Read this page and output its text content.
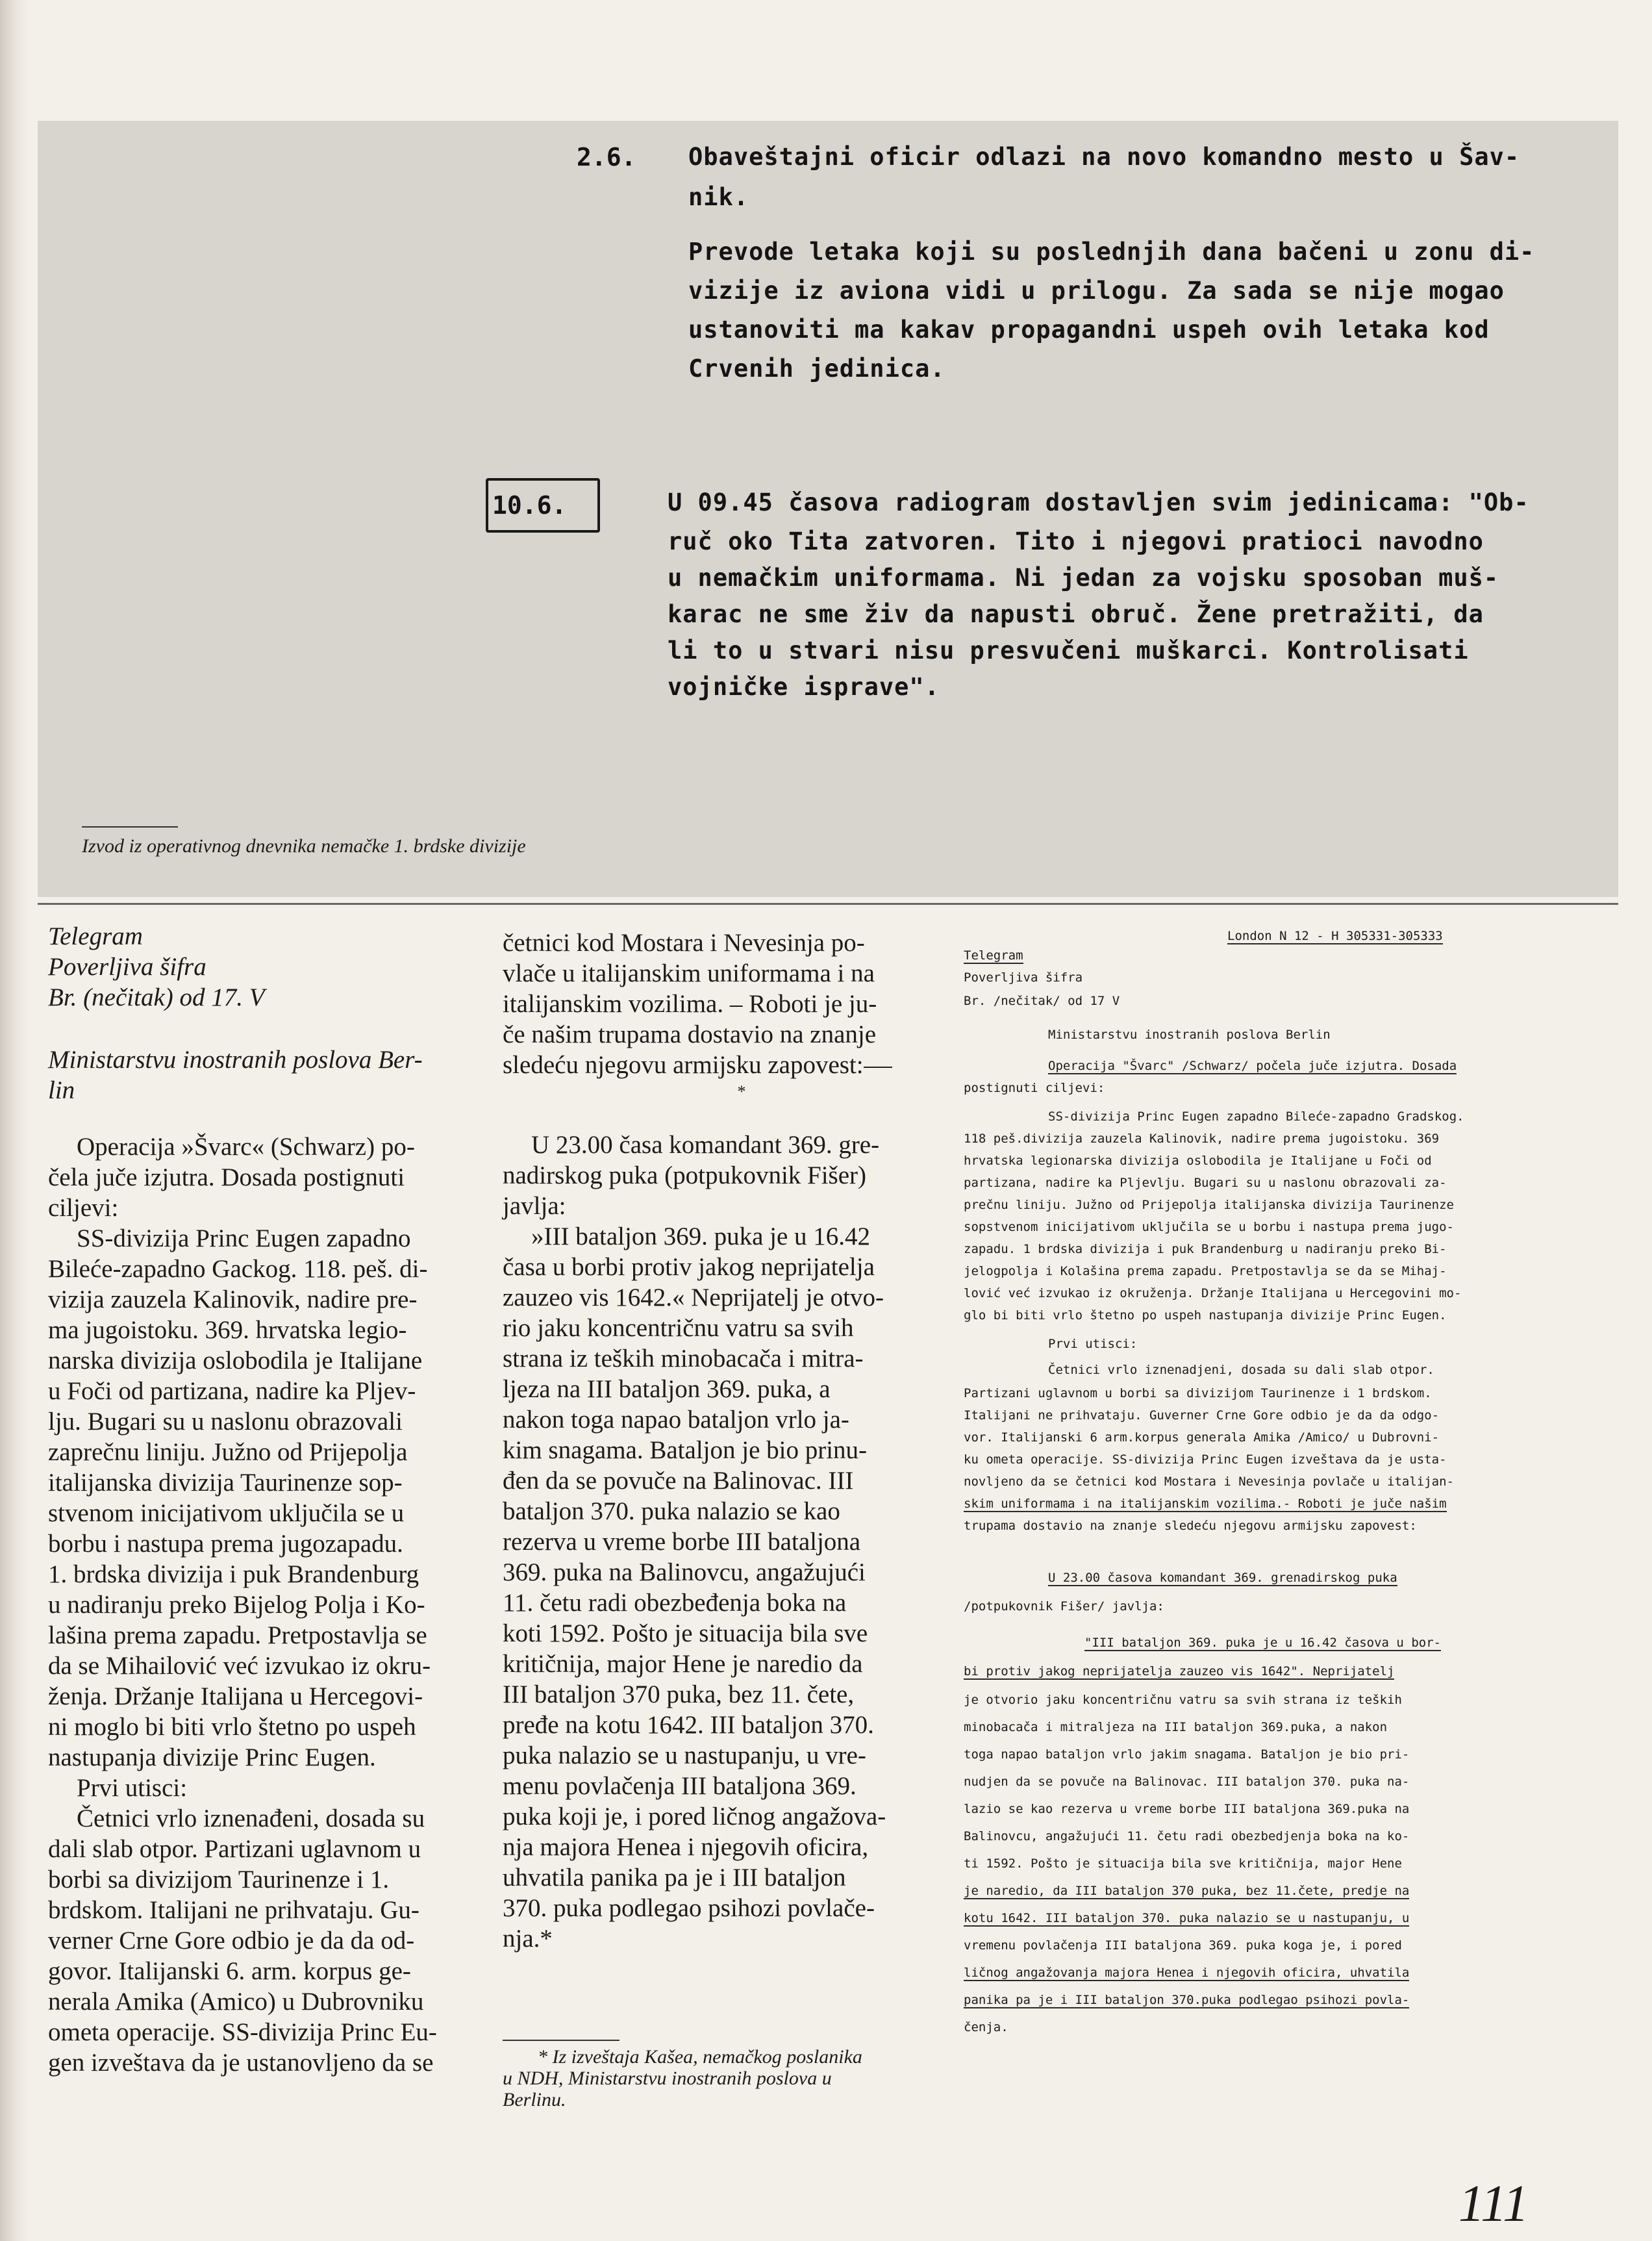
2.6. Obaveštajni oficir odlazi na novo komandno mesto u Šav-
nik.
Prevode letaka koji su poslednjih dana bačeni u zonu di-
vizije iz aviona vidi u prilogu. Za sada se nije mogao
ustanoviti ma kakav propagandni uspeh ovih letaka kod
Crvenih jedinica.
10.6.	U 09.45 časova radiogram dostavljen svim jedinicama: "Ob-
ruč oko Tita zatvoren. Tito i njegovi pratioci navodno
u nemačkim uniformama. Ni jedan za vojsku sposoban muš-
karac ne sme živ da napusti obruč. Žene pretražiti, da
li to u stvari nisu presvučeni muškarci. Kontrolisati
vojničke isprave".
Izvod iz operativnog dnevnika nemačke 1. brdske divizije
Telegram
Poverljiva šifra
Br. (nečitak) od 17. V
Ministarstvu inostranih poslova Ber-
lin
Operacija »Švarc« (Schwarz) po-
čela juče izjutra. Dosada postignuti
ciljevi:
SS-divizija Princ Eugen zapadno
Bileće-zapadno Gackog. 118. peš. di-
vizija zauzela Kalinovik, nadire pre-
ma jugoistoku. 369. hrvatska legio-
narska divizija oslobodila je Italijane
u Foči od partizana, nadire ka Pljev-
lju. Bugari su u naslonu obrazovali
zaprečnu liniju. Južno od Prijepolja
italijanska divizija Taurinenze sop-
stvenom inicijativom uključila se u
borbu i nastupa prema jugozapadu.
1. brdska divizija i puk Brandenburg
u nadiranju preko Bijelog Polja i Ko-
lašina prema zapadu. Pretpostavlja se
da se Mihailović već izvukao iz okru-
ženja. Držanje Italijana u Hercegovi-
ni moglo bi biti vrlo štetno po uspeh
nastupanja divizije Princ Eugen.
Prvi utisci:
Četnici vrlo iznenađeni, dosada su
dali slab otpor. Partizani uglavnom u
borbi sa divizijom Taurinenze i 1.
brdskom. Italijani ne prihvataju. Gu-
verner Crne Gore odbio je da da od-
govor. Italijanski 6. arm. korpus ge-
nerala Amika (Amico) u Dubrovniku
ometa operacije. SS-divizija Princ Eu-
gen izveštava da je ustanovljeno da se
četnici kod Mostara i Nevesinja po-
vlače u italijanskim uniformama i na
italijanskim vozilima. – Roboti je ju-
če našim trupama dostavio na znanje
sledeću njegovu armijsku zapovest:
*
U 23.00 časa komandant 369. gre-
nadirskog puka (potpukovnik Fišer)
javlja:
»III bataljon 369. puka je u 16.42
časa u borbi protiv jakog neprijatelja
zauzeo vis 1642.« Neprijatelj je otvo-
rio jaku koncentričnu vatru sa svih
strana iz teških minobacača i mitra-
ljeza na III bataljon 369. puka, a
nakon toga napao bataljon vrlo ja-
kim snagama. Bataljon je bio prinu-
đen da se povuče na Balinovac. III
bataljon 370. puka nalazio se kao
rezerva u vreme borbe III bataljona
369. puka na Balinovcu, angažujući
11. četu radi obezbeđenja boka na
koti 1592. Pošto je situacija bila sve
kritičnija, major Hene je naredio da
III bataljon 370 puka, bez 11. čete,
pređe na kotu 1642. III bataljon 370.
puka nalazio se u nastupanju, u vre-
menu povlačenja III bataljona 369.
puka koji je, i pored ličnog angažova-
nja majora Henea i njegovih oficira,
uhvatila panika pa je i III bataljon
370. puka podlegao psihozi povlače-
nja.*
* Iz izveštaja Kašea, nemačkog poslanika
u NDH, Ministarstvu inostranih poslova u
Berlinu.
London N 12 - H 305331-305333
Telegram
Poverljiva šifra
Br. /nečitak/ od 17 V
Ministarstvu inostranih poslova Berlin
Operacija "Švarc" /Schwarz/ počela juče izjutra. Dosada
postignuti ciljevi:
SS-divizija Princ Eugen zapadno Bileće-zapadno Gradskog.
118 peš.divizija zauzela Kalinovik, nadire prema jugoistoku. 369
hrvatska legionarska divizija oslobodila je Italijane u Foči od
partizana, nadire ka Pljevlju. Bugari su u naslonu obrazovali za-
prečnu liniju. Južno od Prijepolja italijanska divizija Taurinenze
sopstvenom inicijativom uključila se u borbu i nastupa prema jugo-
zapadu. 1 brdska divizija i puk Brandenburg u nadiranju preko Bi-
jelogpolja i Kolašina prema zapadu. Pretpostavlja se da se Mihaj-
lović već izvukao iz okruženja. Držanje Italijana u Hercegovini mo-
glo bi biti vrlo štetno po uspeh nastupanja divizije Princ Eugen.
Prvi utisci:
Četnici vrlo iznenadjeni, dosada su dali slab otpor.
Partizani uglavnom u borbi sa divizijom Taurinenze i 1 brdskom.
Italijani ne prihvataju. Guverner Crne Gore odbio je da da odgo-
vor. Italijanski 6 arm.korpus generala Amika /Amico/ u Dubrovni-
ku ometa operacije. SS-divizija Princ Eugen izveštava da je usta-
novljeno da se četnici kod Mostara i Nevesinja povlače u italijan-
skim uniformama i na italijanskim vozilima.- Roboti je juče našim
trupama dostavio na znanje sledeću njegovu armijsku zapovest:
U 23.00 časova komandant 369. grenadirskog puka
/potpukovnik Fišer/ javlja:
"III bataljon 369. puka je u 16.42 časova u bor-
bi protiv jakog neprijatelja zauzeo vis 1642". Neprijatelj
je otvorio jaku koncentričnu vatru sa svih strana iz teških
minobacača i mitraljeza na III bataljon 369.puka, a nakon
toga napao bataljon vrlo jakim snagama. Bataljon je bio pri-
nudjen da se povuče na Balinovac. III bataljon 370. puka na-
lazio se kao rezerva u vreme borbe III bataljona 369.puka na
Balinovcu, angažujući 11. četu radi obezbedjenja boka na ko-
ti 1592. Pošto je situacija bila sve kritičnija, major Hene
je naredio, da III bataljon 370 puka, bez 11.čete, predje na
kotu 1642. III bataljon 370. puka nalazio se u nastupanju, u
vremenu povlačenja III bataljona 369. puka koga je, i pored
ličnog angažovanja majora Henea i njegovih oficira, uhvatila
panika pa je i III bataljon 370.puka podlegao psihozi povla-
čenja.
111
